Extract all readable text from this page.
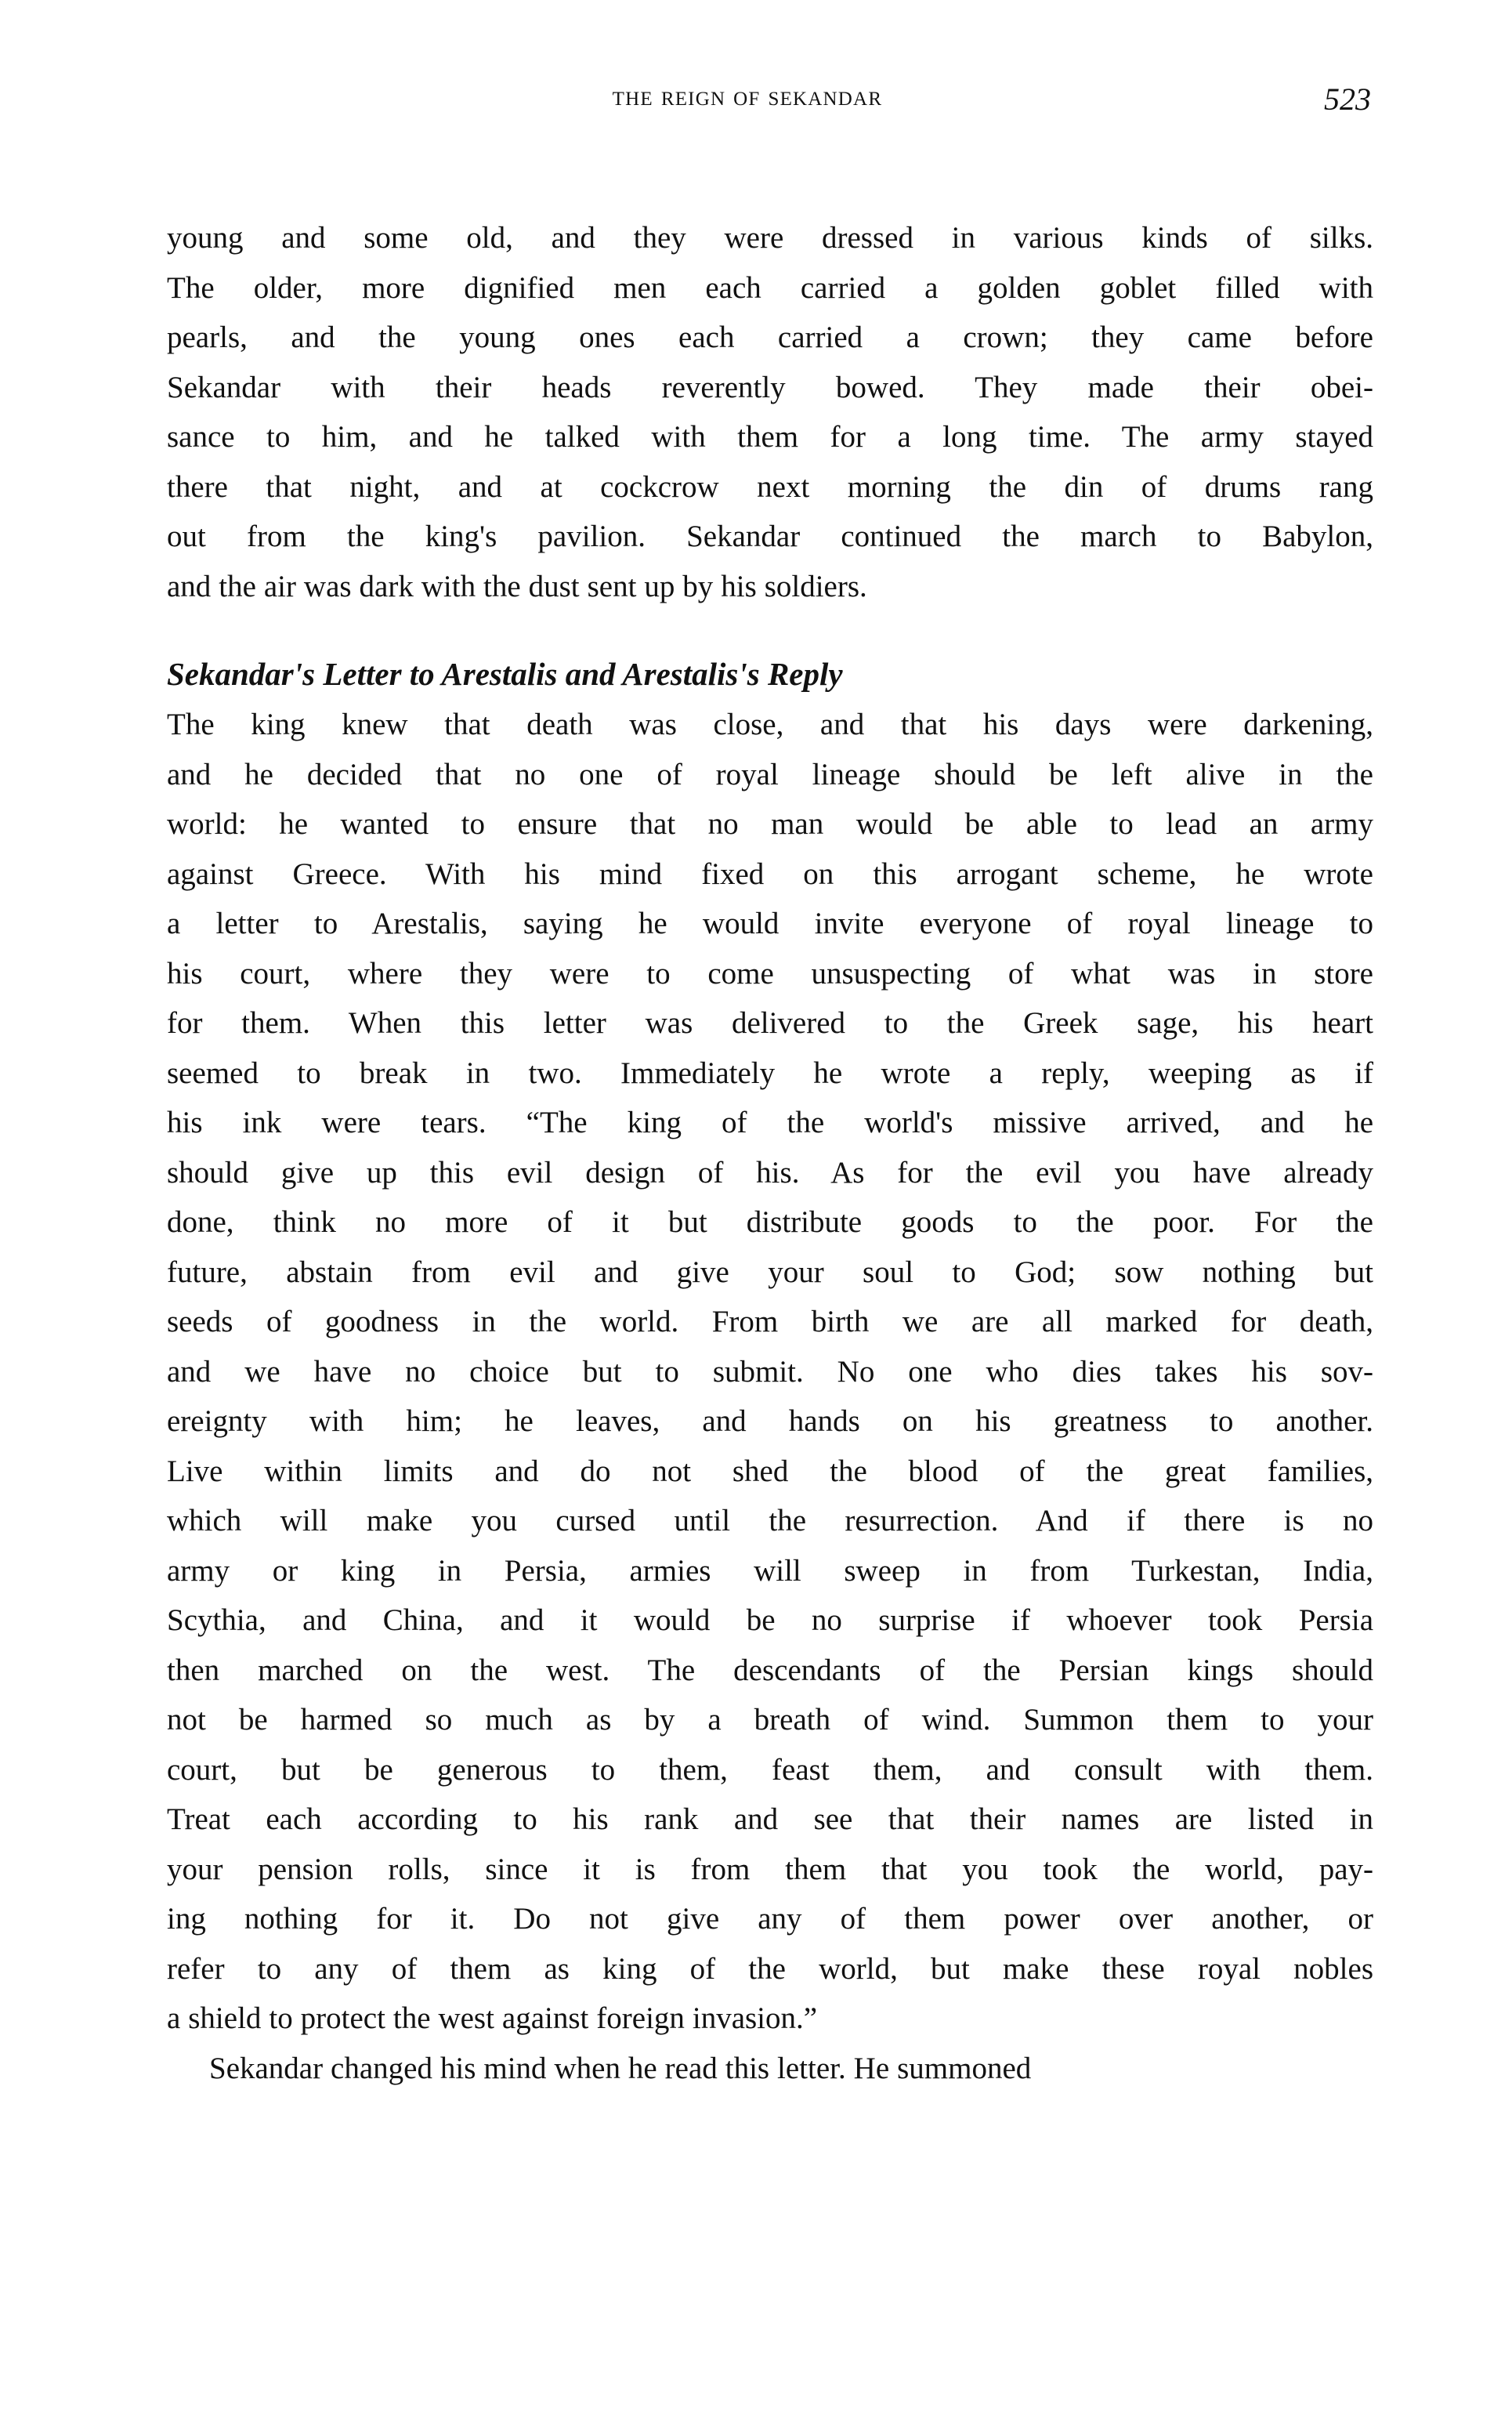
the reign of sekandar	523

young and some old, and they were dressed in various kinds of silks.
The older, more dignified men each carried a golden goblet filled with
pearls, and the young ones each carried a crown; they came before
Sekandar with their heads reverently bowed. They made their obei-
sance to him, and he talked with them for a long time. The army stayed
there that night, and at cockcrow next morning the din of drums rang
out from the king's pavilion. Sekandar continued the march to Babylon,
and the air was dark with the dust sent up by his soldiers.

Sekandar's Letter to Arestalis and Arestalis's Reply

The king knew that death was close, and that his days were darkening,
and he decided that no one of royal lineage should be left alive in the
world: he wanted to ensure that no man would be able to lead an army
against Greece. With his mind fixed on this arrogant scheme, he wrote
a letter to Arestalis, saying he would invite everyone of royal lineage to
his court, where they were to come unsuspecting of what was in store
for them. When this letter was delivered to the Greek sage, his heart
seemed to break in two. Immediately he wrote a reply, weeping as if
his ink were tears. “The king of the world's missive arrived, and he
should give up this evil design of his. As for the evil you have already
done, think no more of it but distribute goods to the poor. For the
future, abstain from evil and give your soul to God; sow nothing but
seeds of goodness in the world. From birth we are all marked for death,
and we have no choice but to submit. No one who dies takes his sov-
ereignty with him; he leaves, and hands on his greatness to another.
Live within limits and do not shed the blood of the great families,
which will make you cursed until the resurrection. And if there is no
army or king in Persia, armies will sweep in from Turkestan, India,
Scythia, and China, and it would be no surprise if whoever took Persia
then marched on the west. The descendants of the Persian kings should
not be harmed so much as by a breath of wind. Summon them to your
court, but be generous to them, feast them, and consult with them.
Treat each according to his rank and see that their names are listed in
your pension rolls, since it is from them that you took the world, pay-
ing nothing for it. Do not give any of them power over another, or
refer to any of them as king of the world, but make these royal nobles
a shield to protect the west against foreign invasion.”

Sekandar changed his mind when he read this letter. He summoned
